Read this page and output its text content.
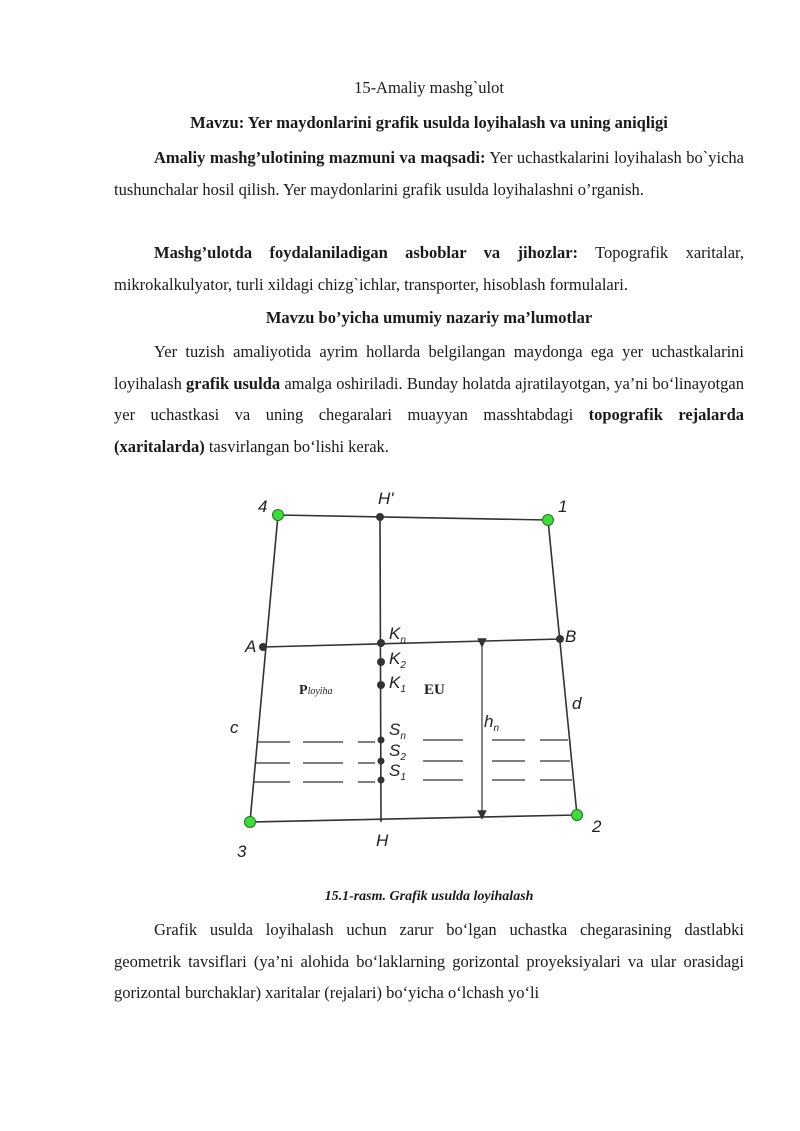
15-Amaliy mashg`ulot
Mavzu: Yer maydonlarini grafik usulda loyihalash va uning aniqligi

Amaliy mashg’ulotining mazmuni va maqsadi: Yer uchastkalarini loyihalash bo`yicha tushunchalar hosil qilish. Yer maydonlarini grafik usulda loyihalashni o’rganish.

Mashg’ulotda foydalaniladigan asboblar va jihozlar: Topografik xaritalar, mikrokalkulyator, turli xildagi chizg`ichlar, transporter, hisoblash formulalari.

Mavzu bo’yicha umumiy nazariy ma’lumotlar

Yer tuzish amaliyotida ayrim hollarda belgilangan maydonga ega yer uchastkalarini loyihalash grafik usulda amalga oshiriladi. Bunday holatda ajratilayotgan, ya’ni bo‘linayotgan yer uchastkasi va uning chegaralari muayyan masshtabdagi topografik rejalarda (xaritalarda) tasvirlangan bo‘lishi kerak.

4	1
2
3
H'
H
A
B
c
d
$K_n$
$K_2$
$K_1$
$S_n$
$S_2$
$S_1$
$h_n$
Ployiha	EU
15.1-rasm. Grafik usulda loyihalash

Grafik usulda loyihalash uchun zarur bo‘lgan uchastka chegarasining dastlabki geometrik tavsiflari (ya’ni alohida bo‘laklarning gorizontal proyeksiyalari va ular orasidagi gorizontal burchaklar) xaritalar (rejalari) bo‘yicha o‘lchash yo‘li
